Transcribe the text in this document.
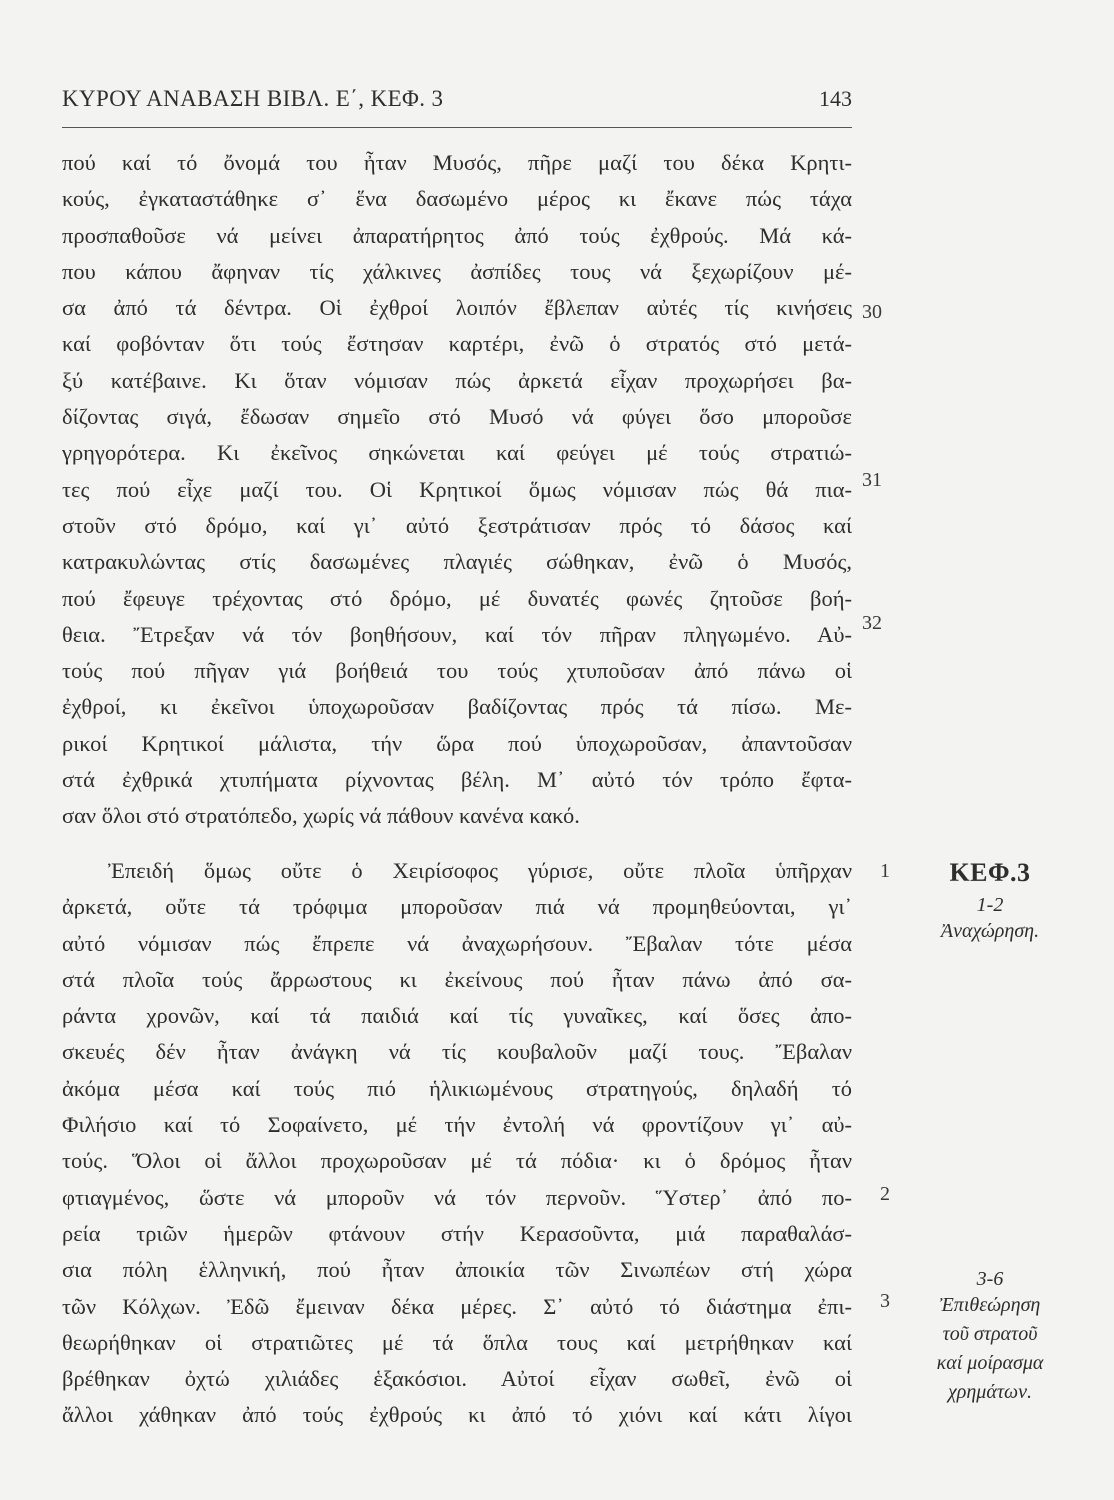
ΚΥΡΟΥ ΑΝΑΒΑΣΗ ΒΙΒΛ. Ε΄, ΚΕΦ. 3	143
πού καί τό ὄνομά του ἦταν Μυσός, πῆρε μαζί του δέκα Κρητι-
κούς, ἐγκαταστάθηκε σ᾽ ἕνα δασωμένο μέρος κι ἔκανε πώς τάχα
προσπαθοῦσε νά μείνει ἀπαρατήρητος ἀπό τούς ἐχθρούς. Μά κά-
που κάπου ἄφηναν τίς χάλκινες ἀσπίδες τους νά ξεχωρίζουν μέ-
σα ἀπό τά δέντρα. Οἱ ἐχθροί λοιπόν ἔβλεπαν αὐτές τίς κινήσεις
καί φοβόνταν ὅτι τούς ἔστησαν καρτέρι, ἐνῶ ὁ στρατός στό μετά-
ξύ κατέβαινε. Κι ὅταν νόμισαν πώς ἀρκετά εἶχαν προχωρήσει βα-
δίζοντας σιγά, ἔδωσαν σημεῖο στό Μυσό νά φύγει ὅσο μποροῦσε
γρηγορότερα. Κι ἐκεῖνος σηκώνεται καί φεύγει μέ τούς στρατιώ-
τες πού εἶχε μαζί του. Οἱ Κρητικοί ὅμως νόμισαν πώς θά πια-
στοῦν στό δρόμο, καί γι᾽ αὐτό ξεστράτισαν πρός τό δάσος καί
κατρακυλώντας στίς δασωμένες πλαγιές σώθηκαν, ἐνῶ ὁ Μυσός,
πού ἔφευγε τρέχοντας στό δρόμο, μέ δυνατές φωνές ζητοῦσε βοή-
θεια. Ἔτρεξαν νά τόν βοηθήσουν, καί τόν πῆραν πληγωμένο. Αὐ-
τούς πού πῆγαν γιά βοήθειά του τούς χτυποῦσαν ἀπό πάνω οἱ
ἐχθροί, κι ἐκεῖνοι ὑποχωροῦσαν βαδίζοντας πρός τά πίσω. Με-
ρικοί Κρητικοί μάλιστα, τήν ὥρα πού ὑποχωροῦσαν, ἀπαντοῦσαν
στά ἐχθρικά χτυπήματα ρίχνοντας βέλη. Μ᾽ αὐτό τόν τρόπο ἔφτα-
σαν ὅλοι στό στρατόπεδο, χωρίς νά πάθουν κανένα κακό.
Ἐπειδή ὅμως οὔτε ὁ Χειρίσοφος γύρισε, οὔτε πλοῖα ὑπῆρχαν
ἀρκετά, οὔτε τά τρόφιμα μποροῦσαν πιά νά προμηθεύονται, γι᾽
αὐτό νόμισαν πώς ἔπρεπε νά ἀναχωρήσουν. Ἔβαλαν τότε μέσα
στά πλοῖα τούς ἄρρωστους κι ἐκείνους πού ἦταν πάνω ἀπό σα-
ράντα χρονῶν, καί τά παιδιά καί τίς γυναῖκες, καί ὅσες ἀπο-
σκευές δέν ἦταν ἀνάγκη νά τίς κουβαλοῦν μαζί τους. Ἔβαλαν
ἀκόμα μέσα καί τούς πιό ἡλικιωμένους στρατηγούς, δηλαδή τό
Φιλήσιο καί τό Σοφαίνετο, μέ τήν ἐντολή νά φροντίζουν γι᾽ αὐ-
τούς. Ὅλοι οἱ ἄλλοι προχωροῦσαν μέ τά πόδια· κι ὁ δρόμος ἦταν
φτιαγμένος, ὥστε νά μποροῦν νά τόν περνοῦν. Ὕστερ᾽ ἀπό πο-
ρεία τριῶν ἡμερῶν φτάνουν στήν Κερασοῦντα, μιά παραθαλάσ-
σια πόλη ἑλληνική, πού ἦταν ἀποικία τῶν Σινωπέων στή χώρα
τῶν Κόλχων. Ἐδῶ ἔμειναν δέκα μέρες. Σ᾽ αὐτό τό διάστημα ἐπι-
θεωρήθηκαν οἱ στρατιῶτες μέ τά ὅπλα τους καί μετρήθηκαν καί
βρέθηκαν ὀχτώ χιλιάδες ἑξακόσιοι. Αὐτοί εἶχαν σωθεῖ, ἐνῶ οἱ
ἄλλοι χάθηκαν ἀπό τούς ἐχθρούς κι ἀπό τό χιόνι καί κάτι λίγοι
30
31
32
1
2
3
ΚΕΦ.3
1-2
Ἀναχώρηση.
3-6
Ἐπιθεώρηση
τοῦ στρατοῦ
καί μοίρασμα
χρημάτων.
